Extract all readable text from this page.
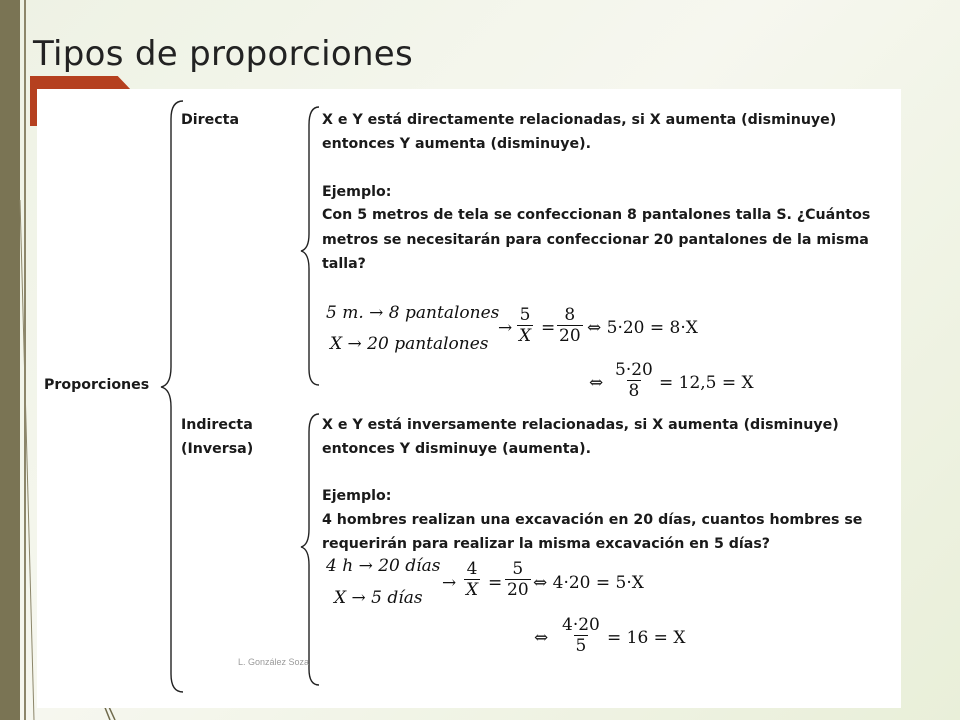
Tipos de proporciones

Proporciones

Directa	X e Y está directamente relacionadas, si X aumenta (disminuye)

entonces Y aumenta (disminuye).

Ejemplo:

Con 5 metros de tela se confeccionan 8 pantalones talla S. ¿Cuántos

metros se necesitarán para confeccionar 20 pantalones de la misma

talla?

5 m. → 8 pantalones

X → 20 pantalones

→ $\frac{5}{X} = \frac{8}{20}$ ⇔ 5·20 = 8·X

⇔ $\frac{5\cdot 20}{8} = 12,5 = X$

Indirecta

(Inversa)

X e Y está inversamente relacionadas, si X aumenta (disminuye)

entonces Y disminuye (aumenta).

Ejemplo:

4 hombres realizan una excavación en 20 días, cuantos hombres se

requerirán para realizar la misma excavación en 5 días?

4 h → 20 días

X → 5 días

→ $\frac{4}{X} = \frac{5}{20}$ ⇔ 4·20 = 5·X

⇔ $\frac{4\cdot 20}{5} = 16 = X$

L. González Soza
